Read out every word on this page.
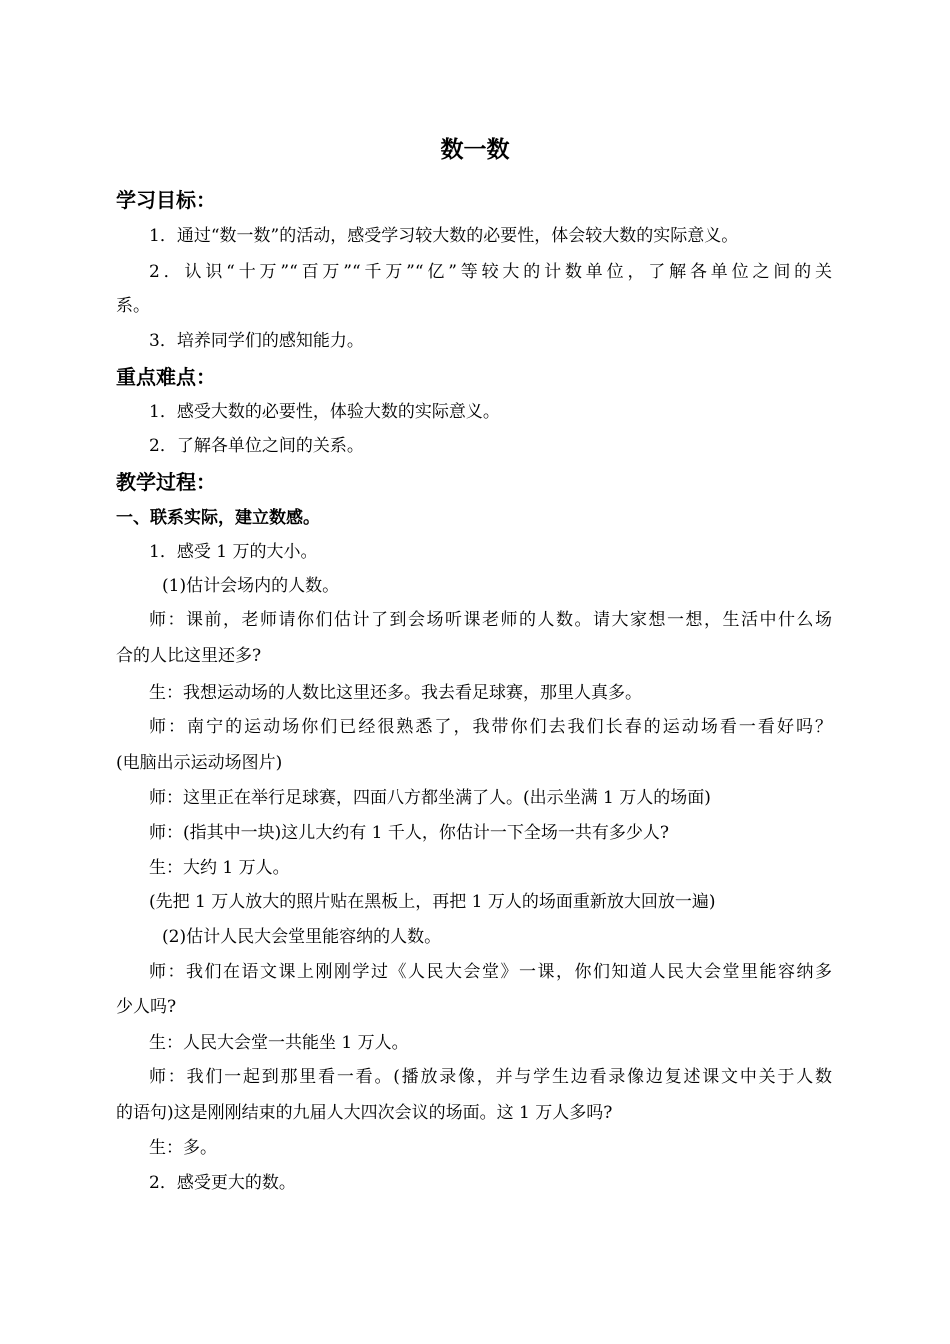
数一数
学习目标：
1．通过“数一数”的活动，感受学习较大数的必要性，体会较大数的实际意义。
2．认识“十万”“百万”“千万”“亿”等较大的计数单位，了解各单位之间的关
系。
3．培养同学们的感知能力。
重点难点：
1．感受大数的必要性，体验大数的实际意义。
2．了解各单位之间的关系。
教学过程：
一、联系实际，建立数感。
1．感受 1 万的大小。
(1)估计会场内的人数。
师：课前，老师请你们估计了到会场听课老师的人数。请大家想一想，生活中什么场
合的人比这里还多?
生：我想运动场的人数比这里还多。我去看足球赛，那里人真多。
师：南宁的运动场你们已经很熟悉了，我带你们去我们长春的运动场看一看好吗？
(电脑出示运动场图片)
师：这里正在举行足球赛，四面八方都坐满了人。(出示坐满 1 万人的场面)
师：(指其中一块)这儿大约有 1 千人，你估计一下全场一共有多少人?
生：大约 1 万人。
(先把 1 万人放大的照片贴在黑板上，再把 1 万人的场面重新放大回放一遍)
(2)估计人民大会堂里能容纳的人数。
师：我们在语文课上刚刚学过《人民大会堂》一课，你们知道人民大会堂里能容纳多
少人吗?
生：人民大会堂一共能坐 1 万人。
师：我们一起到那里看一看。(播放录像，并与学生边看录像边复述课文中关于人数
的语句)这是刚刚结束的九届人大四次会议的场面。这 1 万人多吗?
生：多。
2．感受更大的数。
